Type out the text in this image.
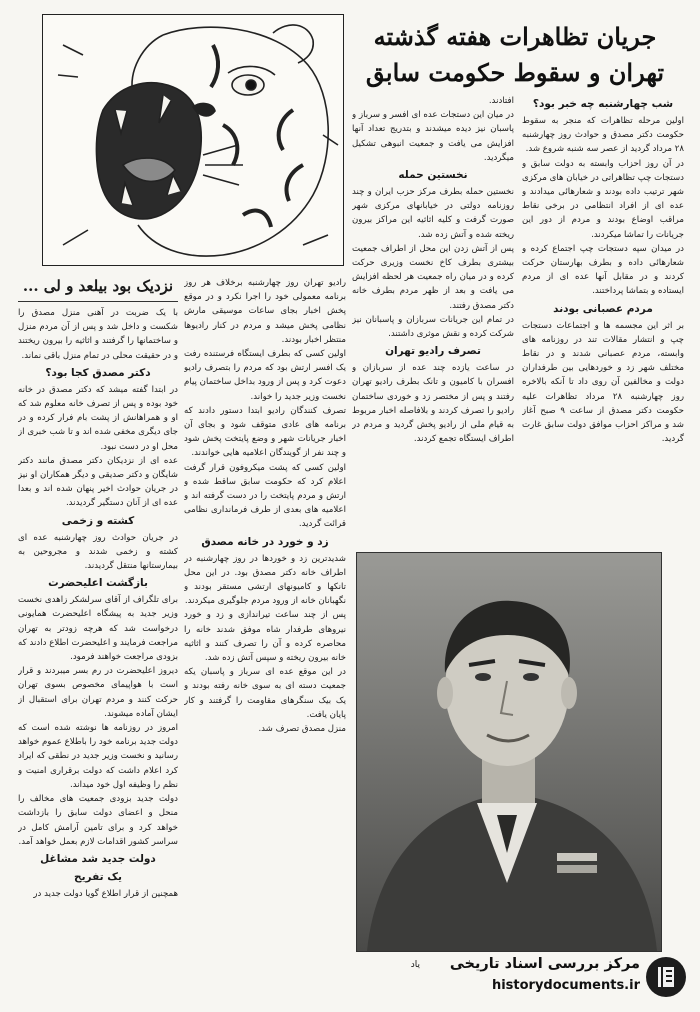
جریان تظاهرات هفته گذشته
تهران و سقوط حکومت سابق
شب چهارشنبه چه خبر بود؟

اولین مرحله تظاهرات که منجر به سقوط حکومت دکتر مصدق و حوادث روز چهارشنبه ۲۸ مرداد گردید از عصر سه شنبه شروع شد.

در آن روز احزاب وابسته به دولت سابق و دستجات چپ تظاهراتی در خیابان های مرکزی شهر ترتیب داده بودند و شعارهائی میدادند و عده ای از افراد انتظامی در برخی نقاط مراقب اوضاع بودند و مردم از دور این جریانات را تماشا میکردند.

در میدان سپه دستجات چپ اجتماع کرده و شعارهائی داده و بطرف بهارستان حرکت کردند و در مقابل آنها عده ای از مردم ایستاده و بتماشا پرداختند.

مردم عصبانی بودند

بر اثر این مجسمه ها و اجتماعات دستجات چپ و انتشار مقالات تند در روزنامه های وابسته، مردم عصبانی شدند و در نقاط مختلف شهر زد و خوردهایی بین طرفداران دولت و مخالفین آن روی داد تا آنکه بالاخره روز چهارشنبه ۲۸ مرداد تظاهرات علیه حکومت دکتر مصدق از ساعت ۹ صبح آغاز شد و مراکز احزاب موافق دولت سابق غارت گردید.

افتادند.

در میان این دستجات عده ای افسر و سرباز و پاسبان نیز دیده میشدند و بتدریج تعداد آنها افزایش می یافت و جمعیت انبوهی تشکیل میگردید.

نخستین حمله

نخستین حمله بطرف مرکز حزب ایران و چند روزنامه دولتی در خیابانهای مرکزی شهر صورت گرفت و کلیه اثاثیه این مراکز بیرون ریخته شده و آتش زده شد.

پس از آتش زدن این محل از اطراف جمعیت بیشتری بطرف کاخ نخست وزیری حرکت کرده و در میان راه جمعیت هر لحظه افزایش می یافت و بعد از ظهر مردم بطرف خانه دکتر مصدق رفتند.

در تمام این جریانات سربازان و پاسبانان نیز شرکت کرده و نقش موثری داشتند.

تصرف رادیو تهران

در ساعت یازده چند عده از سربازان و افسران با کامیون و تانک بطرف رادیو تهران رفتند و پس از مختصر زد و خوردی ساختمان رادیو را تصرف کردند و بلافاصله اخبار مربوط به قیام ملی از رادیو پخش گردید و مردم در اطراف ایستگاه تجمع کردند.

رادیو تهران روز چهارشنبه برخلاف هر روز برنامه معمولی خود را اجرا نکرد و در موقع پخش اخبار بجای ساعات موسیقی مارش نظامی پخش میشد و مردم در کنار رادیوها منتظر اخبار بودند.

اولین کسی که بطرف ایستگاه فرستنده رفت یک افسر ارتش بود که مردم را بتصرف رادیو دعوت کرد و پس از ورود بداخل ساختمان پیام نخست وزیر جدید را خواند.

تصرف کنندگان رادیو ابتدا دستور دادند که برنامه های عادی متوقف شود و بجای آن اخبار جریانات شهر و وضع پایتخت پخش شود و چند نفر از گویندگان اعلامیه هایی خواندند.

اولین کسی که پشت میکروفون قرار گرفت اعلام کرد که حکومت سابق ساقط شده و ارتش و مردم پایتخت را در دست گرفته اند و اعلامیه های بعدی از طرف فرمانداری نظامی قرائت گردید.

زد و خورد در خانه مصدق

شدیدترین زد و خوردها در روز چهارشنبه در اطراف خانه دکتر مصدق بود. در این محل تانکها و کامیونهای ارتشی مستقر بودند و نگهبانان خانه از ورود مردم جلوگیری میکردند.

پس از چند ساعت تیراندازی و زد و خورد نیروهای طرفدار شاه موفق شدند خانه را محاصره کرده و آن را تصرف کنند و اثاثیه خانه بیرون ریخته و سپس آتش زده شد.

در این موقع عده ای سرباز و پاسبان یکه جمعیت دسته ای به سوی خانه رفته بودند و یک بیک سنگرهای مقاومت را گرفتند و کار پایان یافت.

منزل مصدق تصرف شد.

نزدیک بود بیلعد و لی ...

با یک ضربت در آهنی منزل مصدق را شکست و داخل شد و پس از آن مردم منزل و ساختمانها را گرفتند و اثاثیه را بیرون ریختند و در حقیقت محلی در تمام منزل باقی نماند.

دکتر مصدق کجا بود؟

در ابتدا گفته میشد که دکتر مصدق در خانه خود بوده و پس از تصرف خانه معلوم شد که او و همراهانش از پشت بام فرار کرده و در جای دیگری مخفی شده اند و تا شب خبری از محل او در دست نبود.

عده ای از نزدیکان دکتر مصدق مانند دکتر شایگان و دکتر صدیقی و دیگر همکاران او نیز در جریان حوادث اخیر پنهان شده اند و بعدا عده ای از آنان دستگیر گردیدند.

کشته و زخمی

در جریان حوادث روز چهارشنبه عده ای کشته و زخمی شدند و مجروحین به بیمارستانها منتقل گردیدند.

بازگشت اعلیحضرت

برای تلگراف از آقای سرلشکر زاهدی نخست وزیر جدید به پیشگاه اعلیحضرت همایونی درخواست شد که هرچه زودتر به تهران مراجعت فرمایند و اعلیحضرت اطلاع دادند که بزودی مراجعت خواهند فرمود.

دیروز اعلیحضرت در رم بسر میبردند و قرار است با هواپیمای مخصوص بسوی تهران حرکت کنند و مردم تهران برای استقبال از ایشان آماده میشوند.

امروز در روزنامه ها نوشته شده است که دولت جدید برنامه خود را باطلاع عموم خواهد رسانید و نخست وزیر جدید در نطقی که ایراد کرد اعلام داشت که دولت برقراری امنیت و نظم را وظیفه اول خود میداند.

دولت جدید بزودی جمعیت های مخالف را منحل و اعضای دولت سابق را بازداشت خواهد کرد و برای تامین آرامش کامل در سراسر کشور اقدامات لازم بعمل خواهد آمد.

دولت جدید شد مشاغل
یک تفریح

همچنین از قرار اطلاع گویا دولت جدید در

یاد	مرکز بررسی اسناد تاریخی
historydocuments.ir
